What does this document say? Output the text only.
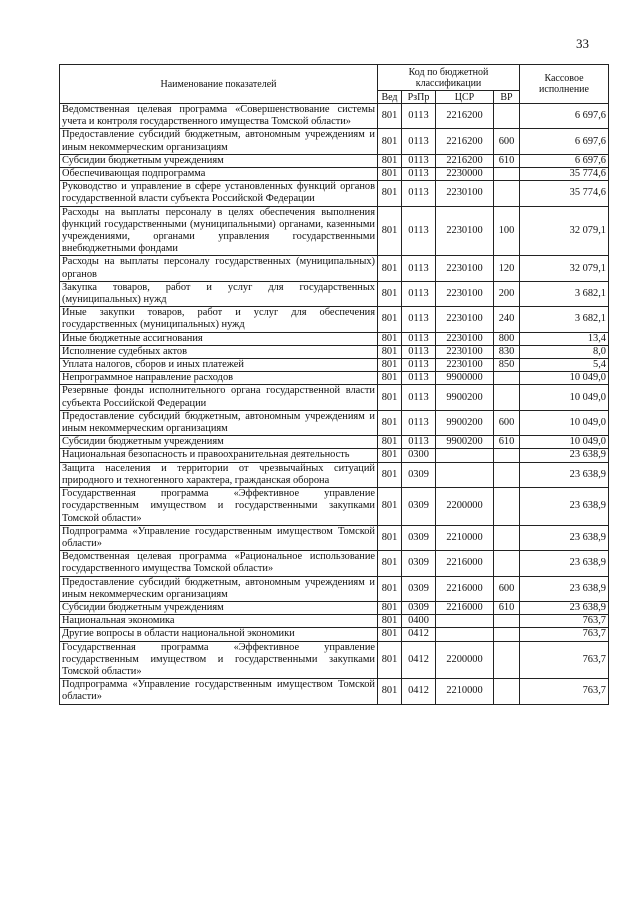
33
Наименование показателей	Код по бюджетной классификации				Кассовое исполнение
	Вед	РзПр	ЦСР	ВР	
Ведомственная целевая программа «Совершенствование системы учета и контроля государственного имущества Томской области»	801	0113	2216200		6 697,6
Предоставление субсидий бюджетным, автономным учреждениям и иным некоммерческим организациям	801	0113	2216200	600	6 697,6
Субсидии бюджетным учреждениям	801	0113	2216200	610	6 697,6
Обеспечивающая подпрограмма	801	0113	2230000		35 774,6
Руководство и управление в сфере установленных функций органов государственной власти субъекта Российской Федерации	801	0113	2230100		35 774,6
Расходы на выплаты персоналу в целях обеспечения выполнения функций государственными (муниципальными) органами, казенными учреждениями, органами управления государственными внебюджетными фондами	801	0113	2230100	100	32 079,1
Расходы на выплаты персоналу государственных (муниципальных) органов	801	0113	2230100	120	32 079,1
Закупка товаров, работ и услуг для государственных (муниципальных) нужд	801	0113	2230100	200	3 682,1
Иные закупки товаров, работ и услуг для обеспечения государственных (муниципальных) нужд	801	0113	2230100	240	3 682,1
Иные бюджетные ассигнования	801	0113	2230100	800	13,4
Исполнение судебных актов	801	0113	2230100	830	8,0
Уплата налогов, сборов и иных платежей	801	0113	2230100	850	5,4
Непрограммное направление расходов	801	0113	9900000		10 049,0
Резервные фонды исполнительного органа государственной власти субъекта Российской Федерации	801	0113	9900200		10 049,0
Предоставление субсидий бюджетным, автономным учреждениям и иным некоммерческим организациям	801	0113	9900200	600	10 049,0
Субсидии бюджетным учреждениям	801	0113	9900200	610	10 049,0
Национальная безопасность и правоохранительная деятельность	801	0300			23 638,9
Защита населения и территории от чрезвычайных ситуаций природного и техногенного характера, гражданская оборона	801	0309			23 638,9
Государственная программа «Эффективное управление государственным имуществом и государственными закупками Томской области»	801	0309	2200000		23 638,9
Подпрограмма «Управление государственным имуществом Томской области»	801	0309	2210000		23 638,9
Ведомственная целевая программа «Рациональное использование государственного имущества Томской области»	801	0309	2216000		23 638,9
Предоставление субсидий бюджетным, автономным учреждениям и иным некоммерческим организациям	801	0309	2216000	600	23 638,9
Субсидии бюджетным учреждениям	801	0309	2216000	610	23 638,9
Национальная экономика	801	0400			763,7
Другие вопросы в области национальной экономики	801	0412			763,7
Государственная программа «Эффективное управление государственным имуществом и государственными закупками Томской области»	801	0412	2200000		763,7
Подпрограмма «Управление государственным имуществом Томской области»	801	0412	2210000		763,7
